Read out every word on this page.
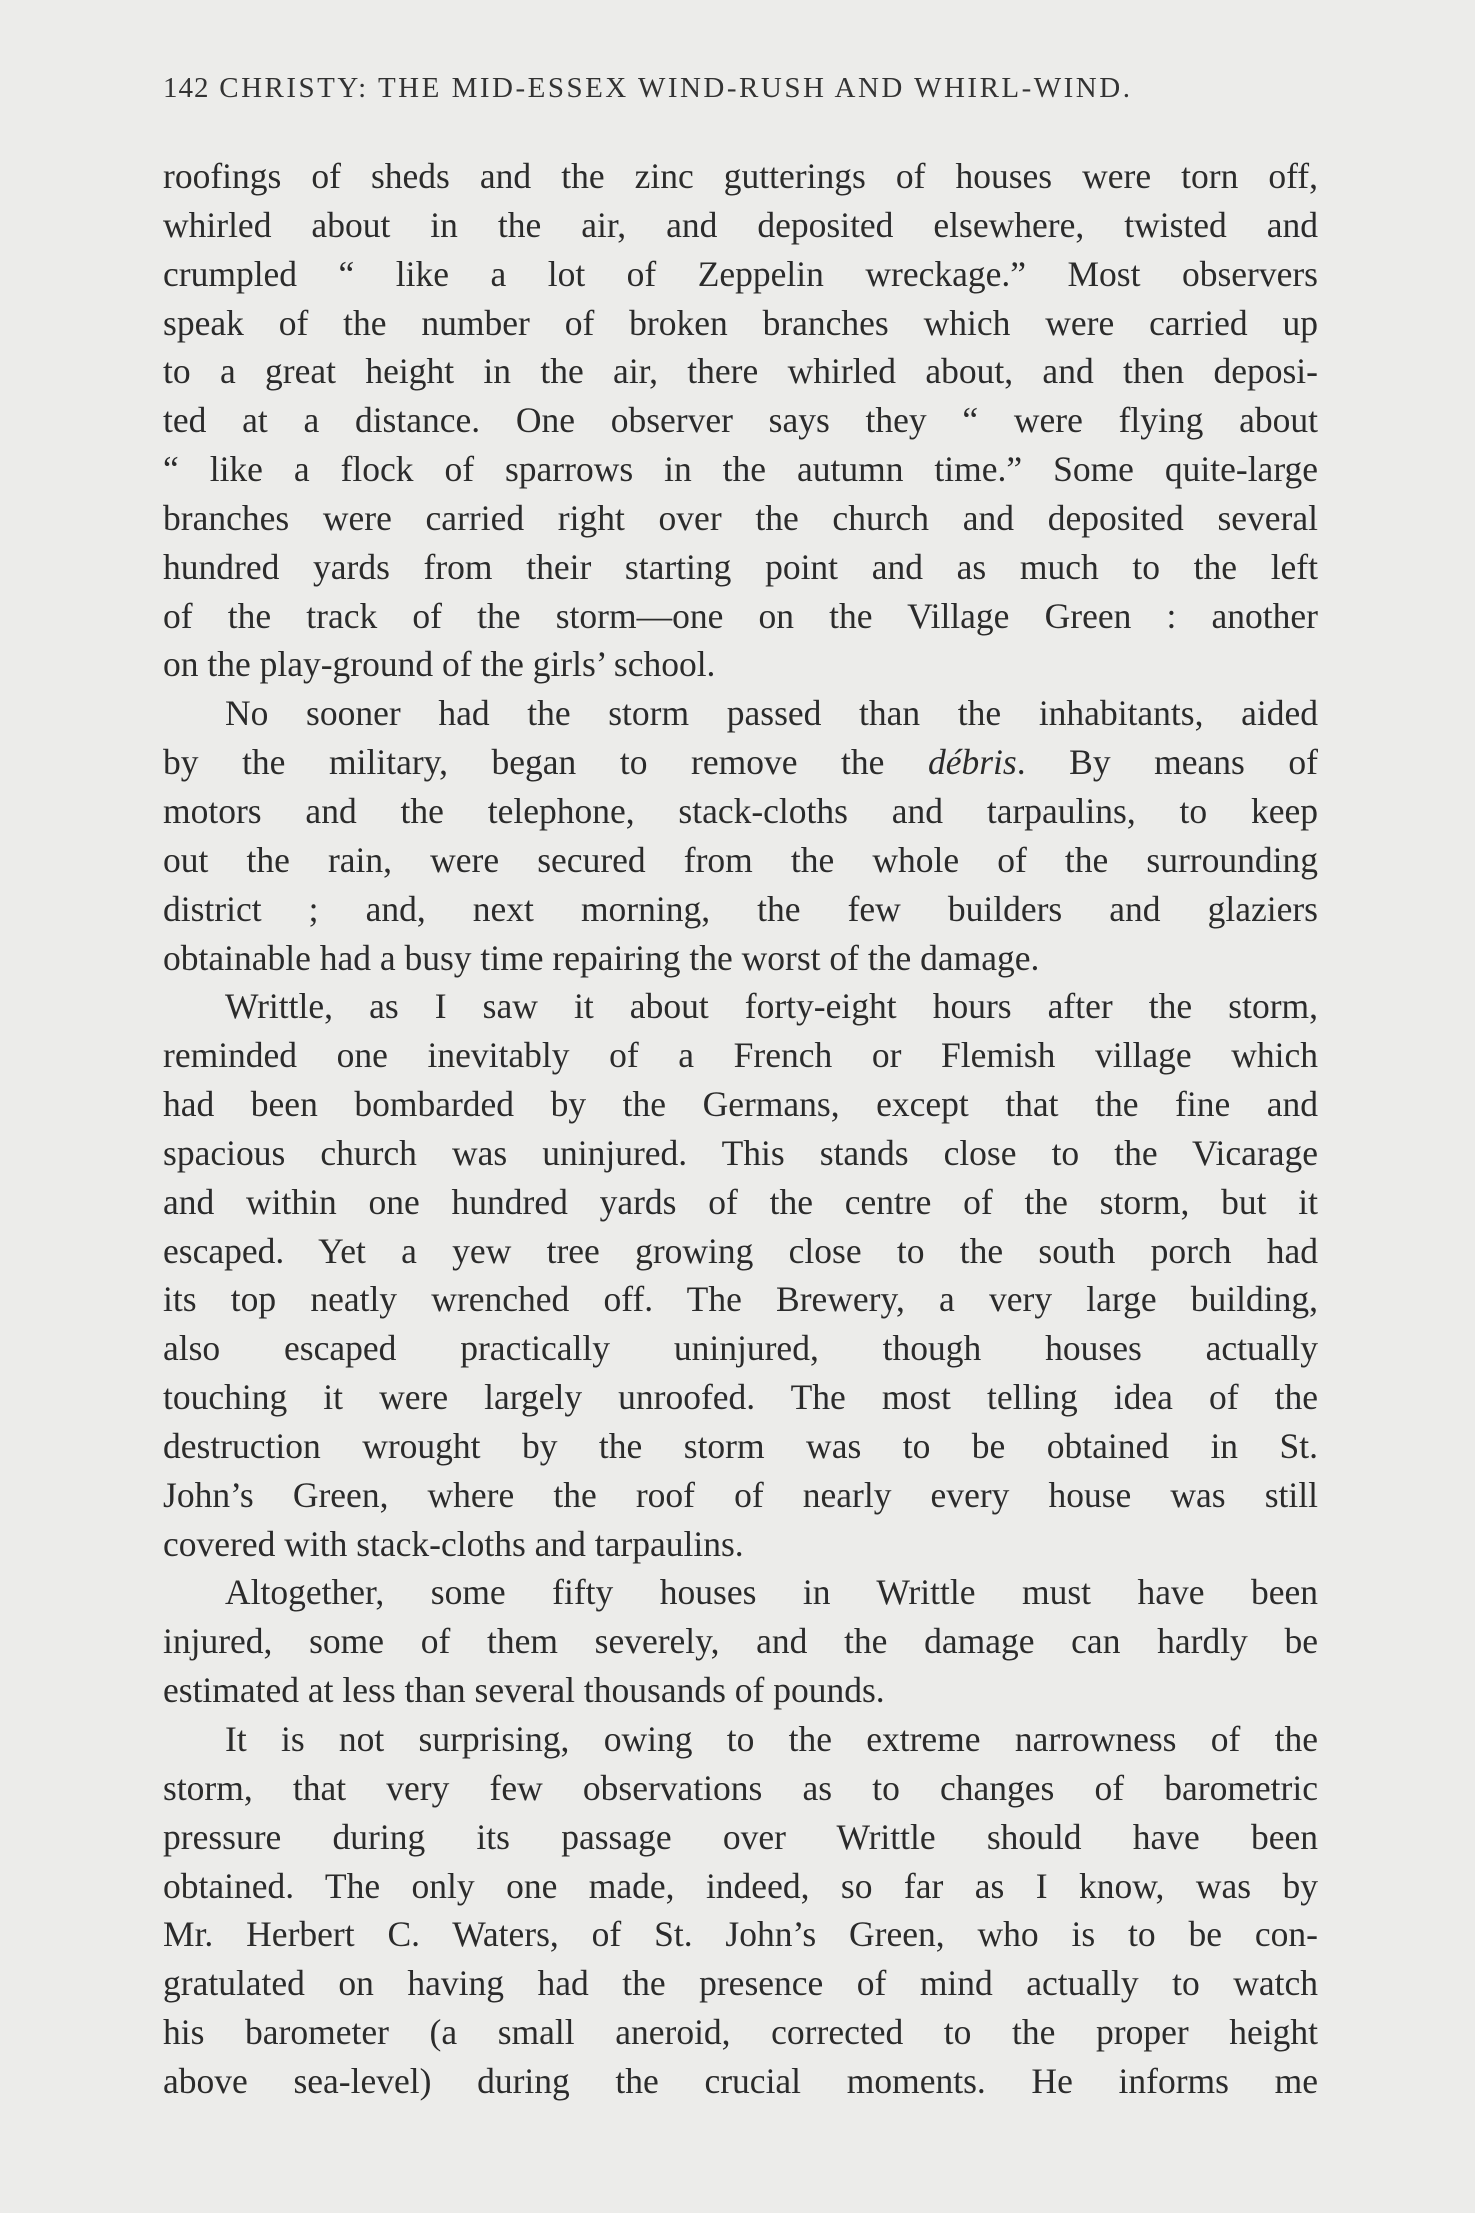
142 CHRISTY: THE MID-ESSEX WIND-RUSH AND WHIRL-WIND.

roofings of sheds and the zinc gutterings of houses were torn off,
whirled about in the air, and deposited elsewhere, twisted and
crumpled “ like a lot of Zeppelin wreckage.” Most observers
speak of the number of broken branches which were carried up
to a great height in the air, there whirled about, and then deposi-
ted at a distance. One observer says they “ were flying about
“ like a flock of sparrows in the autumn time.” Some quite-large
branches were carried right over the church and deposited several
hundred yards from their starting point and as much to the left
of the track of the storm—one on the Village Green : another
on the play-ground of the girls’ school.

No sooner had the storm passed than the inhabitants, aided
by the military, began to remove the débris. By means of
motors and the telephone, stack-cloths and tarpaulins, to keep
out the rain, were secured from the whole of the surrounding
district ; and, next morning, the few builders and glaziers
obtainable had a busy time repairing the worst of the damage.

Writtle, as I saw it about forty-eight hours after the storm,
reminded one inevitably of a French or Flemish village which
had been bombarded by the Germans, except that the fine and
spacious church was uninjured. This stands close to the Vicarage
and within one hundred yards of the centre of the storm, but it
escaped. Yet a yew tree growing close to the south porch had
its top neatly wrenched off. The Brewery, a very large building,
also escaped practically uninjured, though houses actually
touching it were largely unroofed. The most telling idea of the
destruction wrought by the storm was to be obtained in St.
John’s Green, where the roof of nearly every house was still
covered with stack-cloths and tarpaulins.

Altogether, some fifty houses in Writtle must have been
injured, some of them severely, and the damage can hardly be
estimated at less than several thousands of pounds.

It is not surprising, owing to the extreme narrowness of the
storm, that very few observations as to changes of barometric
pressure during its passage over Writtle should have been
obtained. The only one made, indeed, so far as I know, was by
Mr. Herbert C. Waters, of St. John’s Green, who is to be con-
gratulated on having had the presence of mind actually to watch
his barometer (a small aneroid, corrected to the proper height
above sea-level) during the crucial moments. He informs me
